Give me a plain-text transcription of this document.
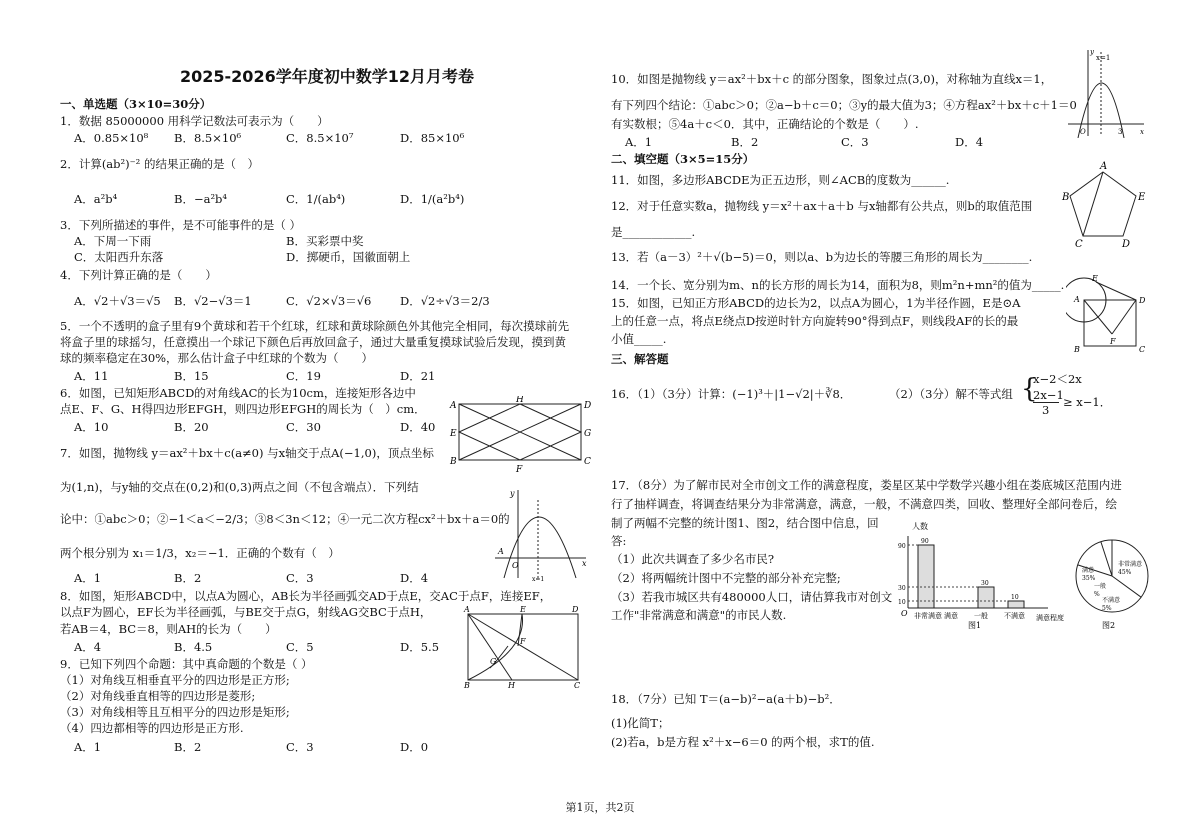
2025-2026学年度初中数学12月月考卷
一、单选题（3×10=30分）
1．数据 85000000 用科学记数法可表示为（　　）
A．0.85×10⁸ B．8.5×10⁶	C．8.5×10⁷	D．85×10⁶
2．计算(ab²)⁻² 的结果正确的是（　）
A．a²b⁴	B．−a²b⁴	C．1/(ab⁴)	D．1/(a²b⁴)
3．下列所描述的事件，是不可能事件的是（ ）
A．下周一下雨	B．买彩票中奖
C．太阳西升东落	D．掷硬币，国徽面朝上
4．下列计算正确的是（　　）
A．√2＋√3＝√5 B．√2−√3＝1	C．√2×√3＝√6 D．√2÷√3＝2/3
5．一个不透明的盒子里有9个黄球和若干个红球，红球和黄球除颜色外其他完全相同，每次摸球前先
将盒子里的球摇匀，任意摸出一个球记下颜色后再放回盒子，通过大量重复摸球试验后发现，摸到黄
球的频率稳定在30%，那么估计盒子中红球的个数为（　　）
A．11	B．15	C．19	D．21
6．如图，已知矩形ABCD的对角线AC的长为10cm，连接矩形各边中
点E、F、G、H得四边形EFGH，则四边形EFGH的周长为（　）cm．
A．10	B．20	C．30	D．40
7．如图，抛物线 y＝ax²＋bx＋c(a≠0) 与x轴交于点A(−1,0)，顶点坐标
为(1,n)，与y轴的交点在(0,2)和(0,3)两点之间（不包含端点）．下列结
论中：①abc＞0；②−1＜a＜−2/3；③8＜3n＜12；④一元二次方程cx²＋bx＋a＝0的
两个根分别为 x₁＝1/3，x₂＝−1．正确的个数有（　）
A．1	B．2	C．3	D．4
8．如图，矩形ABCD中，以点A为圆心，AB长为半径画弧交AD于点E，交AC于点F，连接EF，
以点F为圆心，EF长为半径画弧，与BE交于点G，射线AG交BC于点H，
若AB＝4，BC＝8，则AH的长为（　　）
A．4	B．4.5	C．5	D．5.5
9．已知下列四个命题：其中真命题的个数是（ ）
（1）对角线互相垂直平分的四边形是正方形;
（2）对角线垂直相等的四边形是菱形;
（3）对角线相等且互相平分的四边形是矩形;
（4）四边都相等的四边形是正方形.
A．1	B．2	C．3	D．0
A
H
D
E	G
B
F
C
y
x
A
O
x=1
A	E	D
F
G
B	H	C
10．如图是抛物线 y＝ax²＋bx＋c 的部分图象，图象过点(3,0)，对称轴为直线x＝1，
有下列四个结论：①abc＞0；②a−b＋c＝0；③y的最大值为3；④方程ax²＋bx＋c＋1＝0
有实数根；⑤4a＋c＜0．其中，正确结论的个数是（　　）.
A．1	B．2	C．3	D．4
二、填空题（3×5=15分）
11．如图，多边形ABCDE为正五边形，则∠ACB的度数为______.
12．对于任意实数a，抛物线 y＝x²＋ax＋a＋b 与x轴都有公共点，则b的取值范围
是____________.
13．若（a－3）²＋√(b−5)＝0，则以a、b为边长的等腰三角形的周长为________.
14．一个长、宽分别为m、n的长方形的周长为14，面积为8，则m²n+mn²的值为_____.
15．如图，已知正方形ABCD的边长为2，以点A为圆心，1为半径作圆，E是⊙A
上的任意一点，将点E绕点D按逆时针方向旋转90°得到点F，则线段AF的长的最
小值_____.
三、解答题
16．（1）（3分）计算：(−1)³＋|1−√2|＋∛8．	（2）（3分）解不等式组 {
x−2＜2x
2x−1
3
≥ x−1．
17．（8分）为了解市民对全市创文工作的满意程度，娄星区某中学数学兴趣小组在娄底城区范围内进
行了抽样调查，将调查结果分为非常满意，满意，一般，不满意四类，回收、整理好全部问卷后，绘
制了两幅不完整的统计图1、图2，结合图中信息，回
答:
（1）此次共调查了多少名市民?
（2）将两幅统计图中不完整的部分补充完整;
（3）若我市城区共有480000人口，请估算我市对创文
工作"非常满意和满意"的市民人数.
18．（7分）已知 T＝(a−b)²−a(a＋b)−b²．
(1)化简T；
(2)若a，b是方程 x²＋x−6＝0 的两个根，求T的值.
y
x=1
x
O	3
A
B	E
C	D
E
A	D
F
B	C
人数
O
90
非常满意 满意
30
一般
10
不满意
90
30
10
满意程度
图1
满意
35%
非常满意
45%
一般
%
不满意
5%
图2
第1页，共2页
